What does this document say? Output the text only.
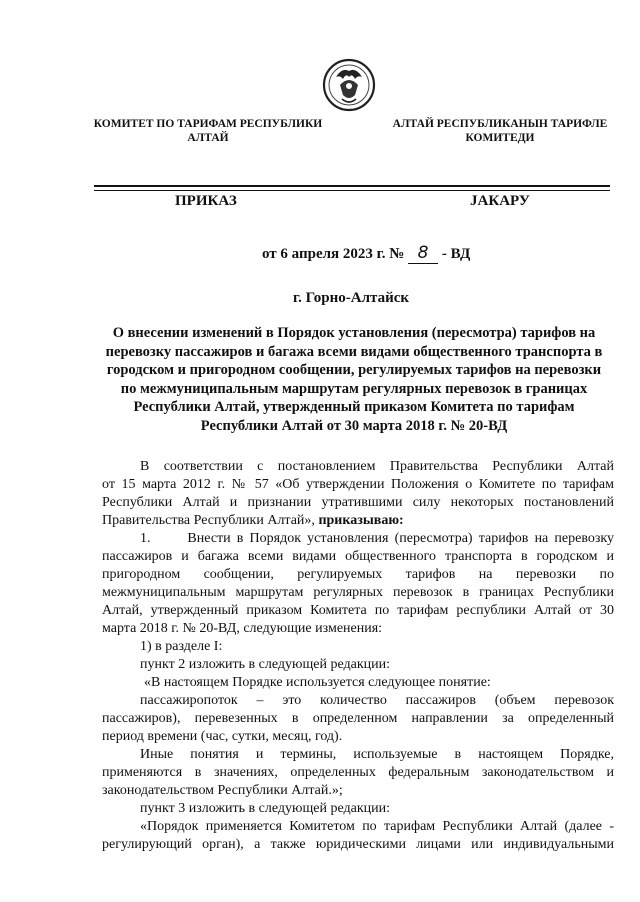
КОМИТЕТ ПО ТАРИФАМ РЕСПУБЛИКИ
АЛТАЙ
АЛТАЙ РЕСПУБЛИКАНЫН ТАРИФЛЕ
КОМИТЕДИ
ПРИКАЗ	ЈАКАРУ
от 6 апреля 2023 г. № 8 - ВД
г. Горно-Алтайск
О внесении изменений в Порядок установления (пересмотра) тарифов на
перевозку пассажиров и багажа всеми видами общественного транспорта в
городском и пригородном сообщении, регулируемых тарифов на перевозки
по межмуниципальным маршрутам регулярных перевозок в границах
Республики Алтай, утвержденный приказом Комитета по тарифам
Республики Алтай от 30 марта 2018 г. № 20-ВД
В соответствии с постановлением Правительства Республики Алтай
от 15 марта 2012 г. № 57 «Об утверждении Положения о Комитете по тарифам
Республики Алтай и признании утратившими силу некоторых постановлений
Правительства Республики Алтай», приказываю:
1.      Внести в Порядок установления (пересмотра) тарифов на перевозку
пассажиров и багажа всеми видами общественного транспорта в городском и
пригородном сообщении, регулируемых тарифов на перевозки по
межмуниципальным маршрутам регулярных перевозок в границах Республики
Алтай, утвержденный приказом Комитета по тарифам республики Алтай от 30
марта 2018 г. № 20-ВД, следующие изменения:
1) в разделе I:
пункт 2 изложить в следующей редакции:
«В настоящем Порядке используется следующее понятие:
пассажиропоток – это количество пассажиров (объем перевозок
пассажиров), перевезенных в определенном направлении за определенный
период времени (час, сутки, месяц, год).
Иные понятия и термины, используемые в настоящем Порядке,
применяются в значениях, определенных федеральным законодательством и
законодательством Республики Алтай.»;
пункт 3 изложить в следующей редакции:
«Порядок применяется Комитетом по тарифам Республики Алтай (далее -
регулирующий орган), а также юридическими лицами или индивидуальными
